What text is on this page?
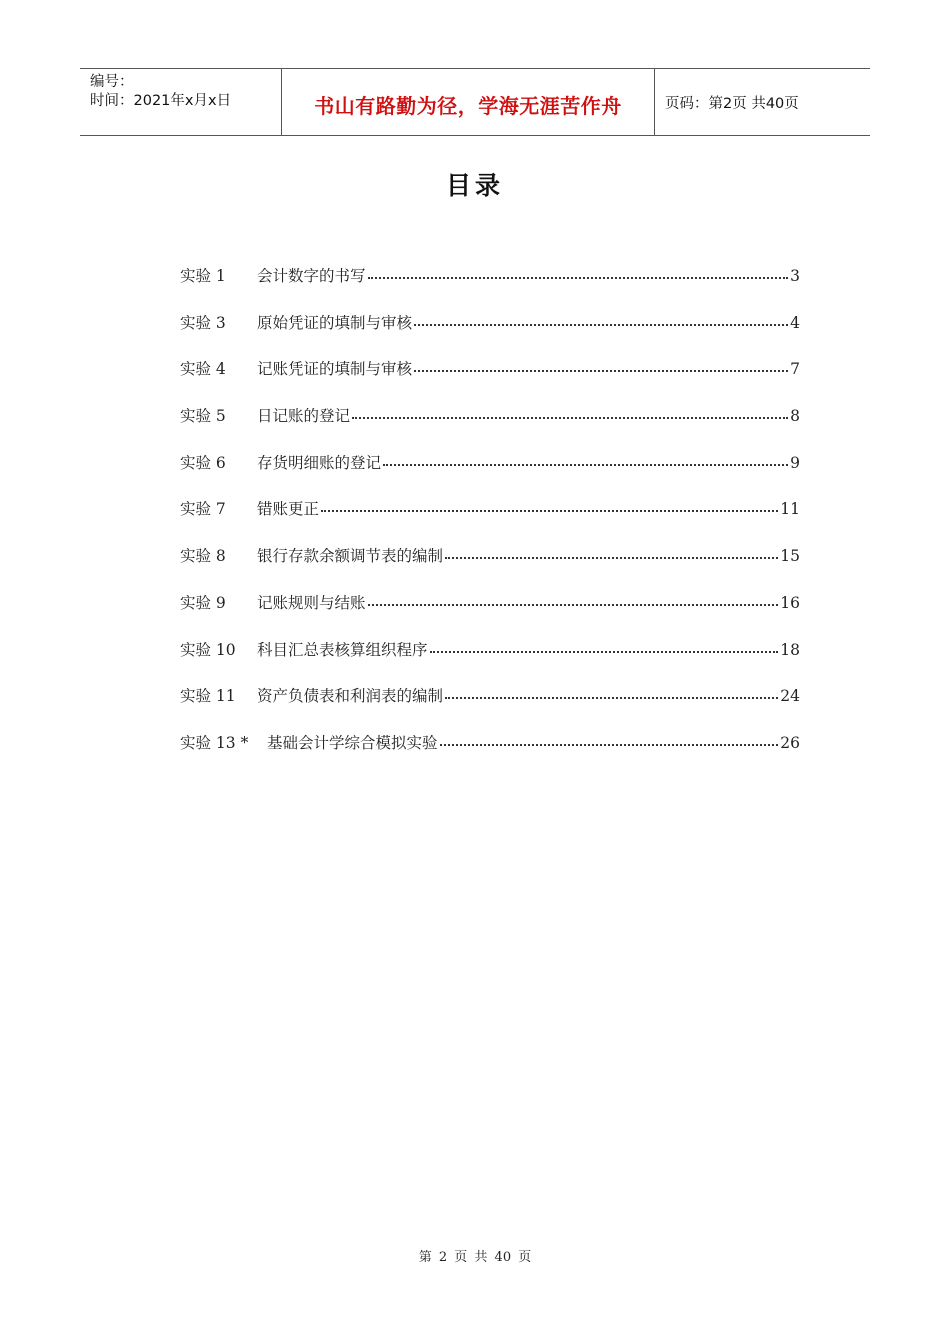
编号：
时间：2021年x月x日	书山有路勤为径，学海无涯苦作舟	页码：第2页 共40页
目录
实验 1	会计数字的书写	3
实验 3	原始凭证的填制与审核	4
实验 4	记账凭证的填制与审核	7
实验 5	日记账的登记	8
实验 6	存货明细账的登记	9
实验 7	错账更正	11
实验 8	银行存款余额调节表的编制	15
实验 9	记账规则与结账	16
实验 10	科目汇总表核算组织程序	18
实验 11	资产负债表和利润表的编制	24
实验 13 *	基础会计学综合模拟实验	26
第 2 页 共 40 页
